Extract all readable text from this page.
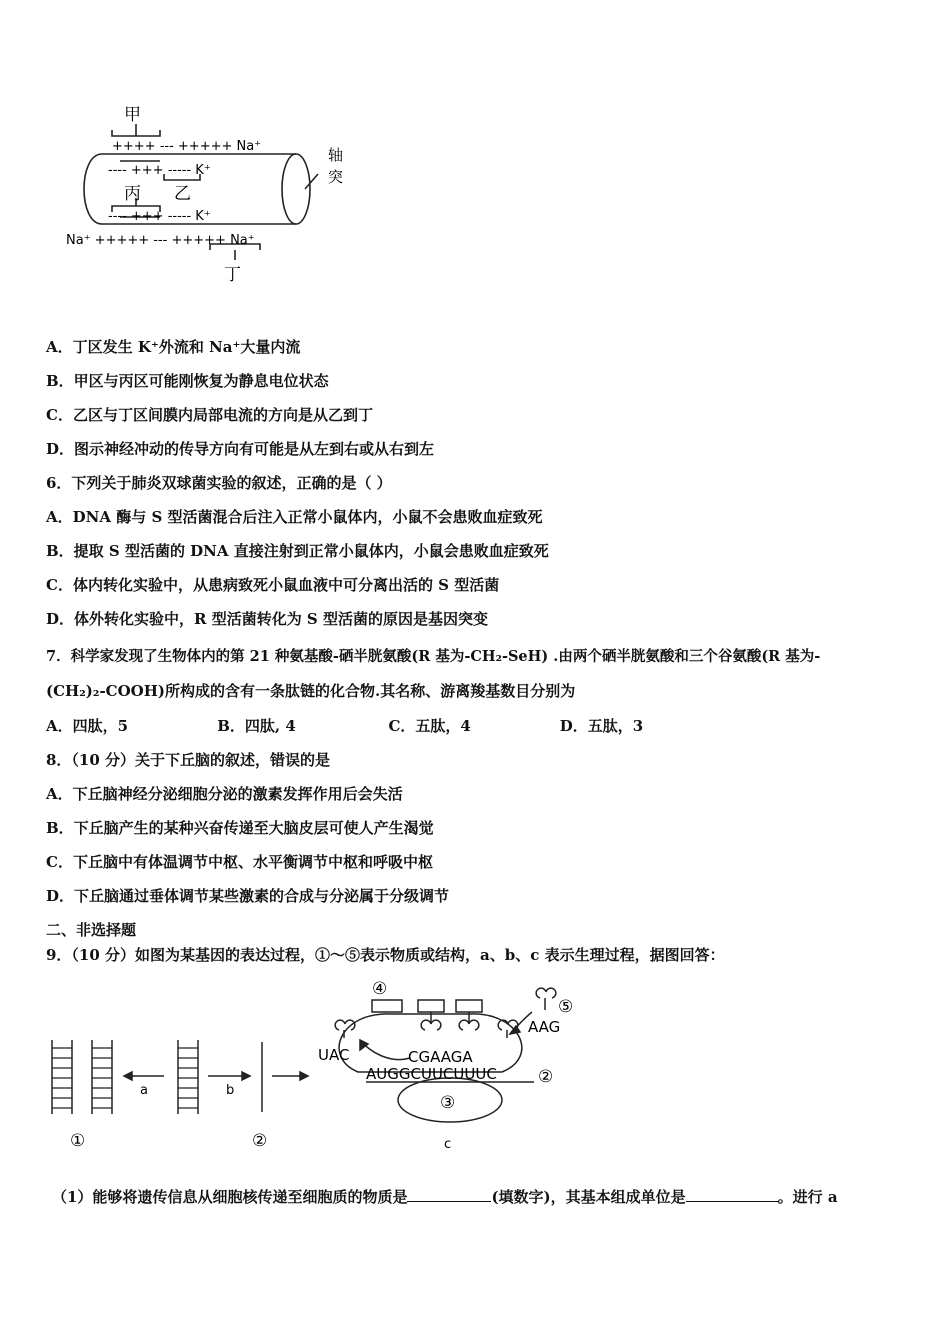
甲
++++ --- +++++ Na⁺
---- +++ ----- K⁺
丙 乙
---- +++ ----- K⁺
Na⁺ +++++ --- +++++ Na⁺
丁
轴
突
A．丁区发生 K⁺外流和 Na⁺大量内流
B．甲区与丙区可能刚恢复为静息电位状态
C．乙区与丁区间膜内局部电流的方向是从乙到丁
D．图示神经冲动的传导方向有可能是从左到右或从右到左
6．下列关于肺炎双球菌实验的叙述，正确的是（ ）
A．DNA 酶与 S 型活菌混合后注入正常小鼠体内，小鼠不会患败血症致死
B．提取 S 型活菌的 DNA 直接注射到正常小鼠体内，小鼠会患败血症致死
C．体内转化实验中，从患病致死小鼠血液中可分离出活的 S 型活菌
D．体外转化实验中，R 型活菌转化为 S 型活菌的原因是基因突变
7．科学家发现了生物体内的第 21 种氨基酸-硒半胱氨酸(R 基为-CH₂-SeH) .由两个硒半胱氨酸和三个谷氨酸(R 基为-
(CH₂)₂-COOH)所构成的含有一条肽链的化合物.其名称、游离羧基数目分别为
A．四肽，5	B．四肽, 4	C．五肽，4	D．五肽，3
8．（10 分）关于下丘脑的叙述，错误的是
A．下丘脑神经分泌细胞分泌的激素发挥作用后会失活
B．下丘脑产生的某种兴奋传递至大脑皮层可使人产生渴觉
C．下丘脑中有体温调节中枢、水平衡调节中枢和呼吸中枢
D．下丘脑通过垂体调节某些激素的合成与分泌属于分级调节
二、非选择题
9．（10 分）如图为某基因的表达过程，①～⑤表示物质或结构，a、b、c 表示生理过程，据图回答：
①
a	b
②
④
⑤
UAC
AAG
CGAAGA
AUGGCUUCUUUC ②
③
c
（1）能够将遗传信息从细胞核传递至细胞质的物质是	(填数字)，其基本组成单位是	。进行 a
